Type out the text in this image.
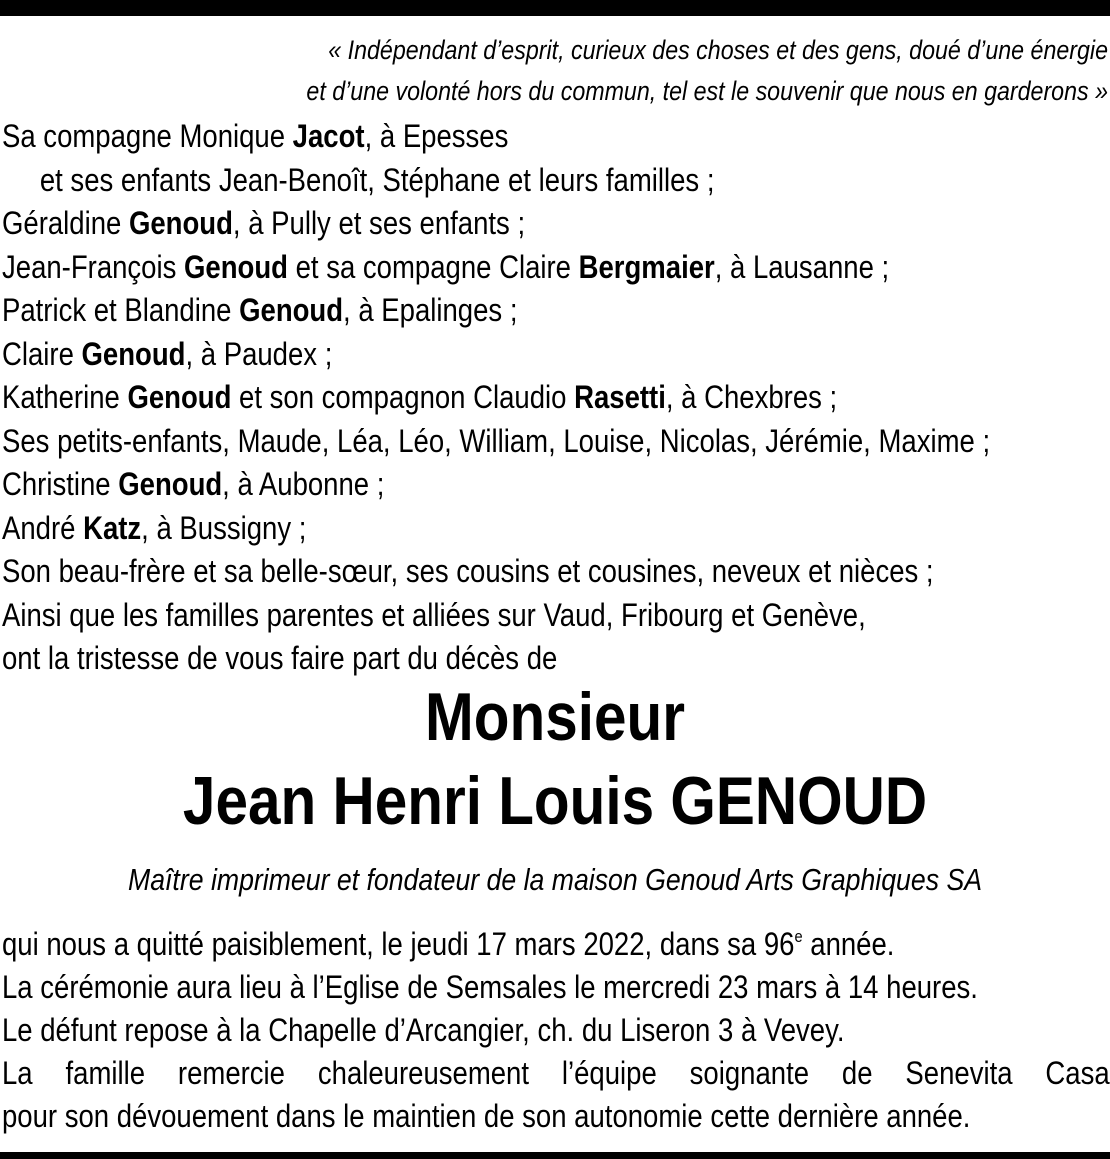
« Indépendant d’esprit, curieux des choses et des gens, doué d’une énergie
et d’une volonté hors du commun, tel est le souvenir que nous en garderons »
Sa compagne Monique Jacot, à Epesses
et ses enfants Jean-Benoît, Stéphane et leurs familles ;
Géraldine Genoud, à Pully et ses enfants ;
Jean-François Genoud et sa compagne Claire Bergmaier, à Lausanne ;
Patrick et Blandine Genoud, à Epalinges ;
Claire Genoud, à Paudex ;
Katherine Genoud et son compagnon Claudio Rasetti, à Chexbres ;
Ses petits-enfants, Maude, Léa, Léo, William, Louise, Nicolas, Jérémie, Maxime ;
Christine Genoud, à Aubonne ;
André Katz, à Bussigny ;
Son beau-frère et sa belle-sœur, ses cousins et cousines, neveux et nièces ;
Ainsi que les familles parentes et alliées sur Vaud, Fribourg et Genève,
ont la tristesse de vous faire part du décès de
Monsieur
Jean Henri Louis GENOUD
Maître imprimeur et fondateur de la maison Genoud Arts Graphiques SA
qui nous a quitté paisiblement, le jeudi 17 mars 2022, dans sa 96e année.
La cérémonie aura lieu à l’Eglise de Semsales le mercredi 23 mars à 14 heures.
Le défunt repose à la Chapelle d’Arcangier, ch. du Liseron 3 à Vevey.
La famille remercie chaleureusement l’équipe soignante de Senevita Casa
pour son dévouement dans le maintien de son autonomie cette dernière année.
